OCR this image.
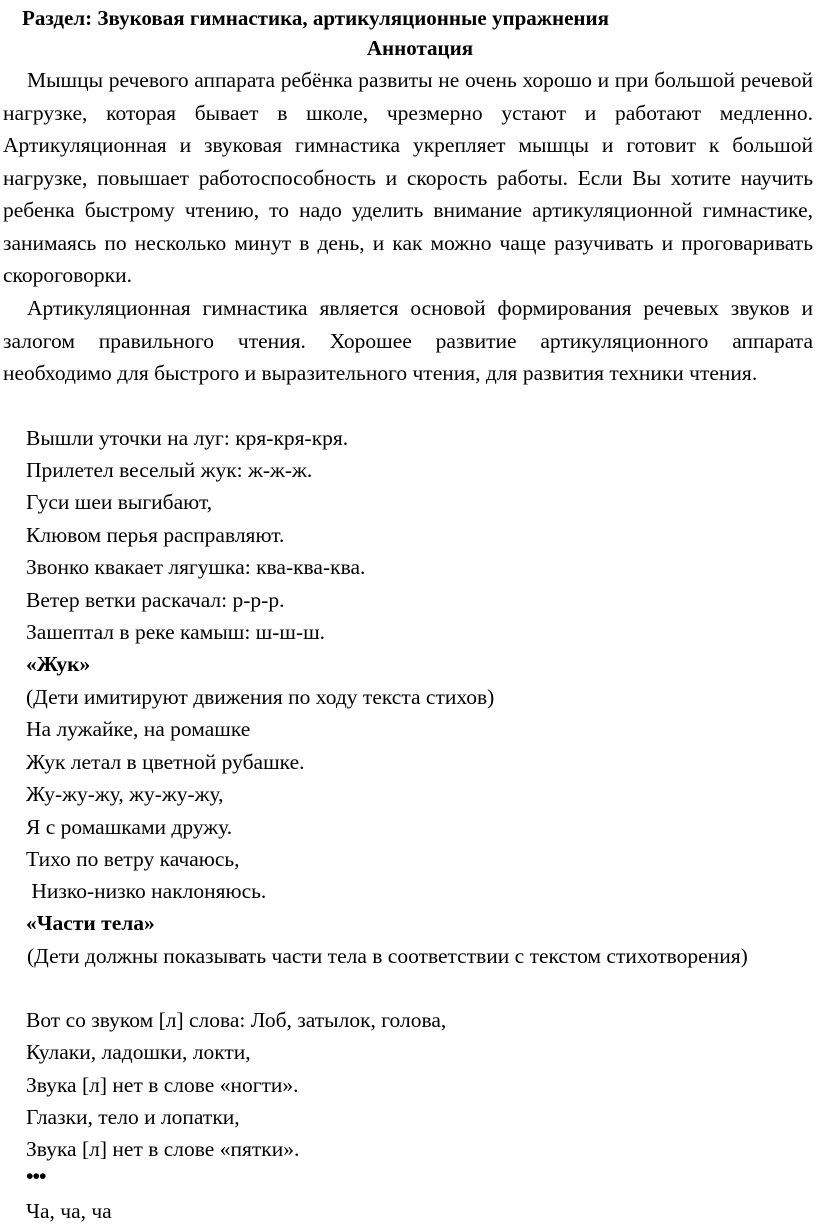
Раздел: Звуковая гимнастика, артикуляционные упражнения
Аннотация

Мышцы речевого аппарата ребёнка развиты не очень хорошо и при большой речевой нагрузке, которая бывает в школе, чрезмерно устают и работают медленно. Артикуляционная и звуковая гимнастика укрепляет мышцы и готовит к большой нагрузке, повышает работоспособность и скорость работы. Если Вы хотите научить ребенка быстрому чтению, то надо уделить внимание артикуляционной гимнастике, занимаясь по несколько минут в день, и как можно чаще разучивать и проговаривать скороговорки.

Артикуляционная гимнастика является основой формирования речевых звуков и залогом правильного чтения. Хорошее развитие артикуляционного аппарата необходимо для быстрого и выразительного чтения, для развития техники чтения.

Вышли уточки на луг: кря-кря-кря.

Прилетел веселый жук: ж-ж-ж.

Гуси шеи выгибают,

Клювом перья расправляют.

Звонко квакает лягушка: ква-ква-ква.

Ветер ветки раскачал: р-р-р.

Зашептал в реке камыш: ш-ш-ш.

«Жук»

(Дети имитируют движения по ходу текста стихов)

На лужайке, на ромашке

Жук летал в цветной рубашке.

Жу-жу-жу, жу-жу-жу,

Я с ромашками дружу.

Тихо по ветру качаюсь,

Низко-низко наклоняюсь.

«Части тела»

(Дети должны показывать части тела в соответствии с текстом стихотворения)

Вот со звуком [л] слова: Лоб, затылок, голова,

Кулаки, ладошки, локти,

Звука [л] нет в слове «ногти».

Глазки, тело и лопатки,

Звука [л] нет в слове «пятки».

•••

Ча, ча, ча
